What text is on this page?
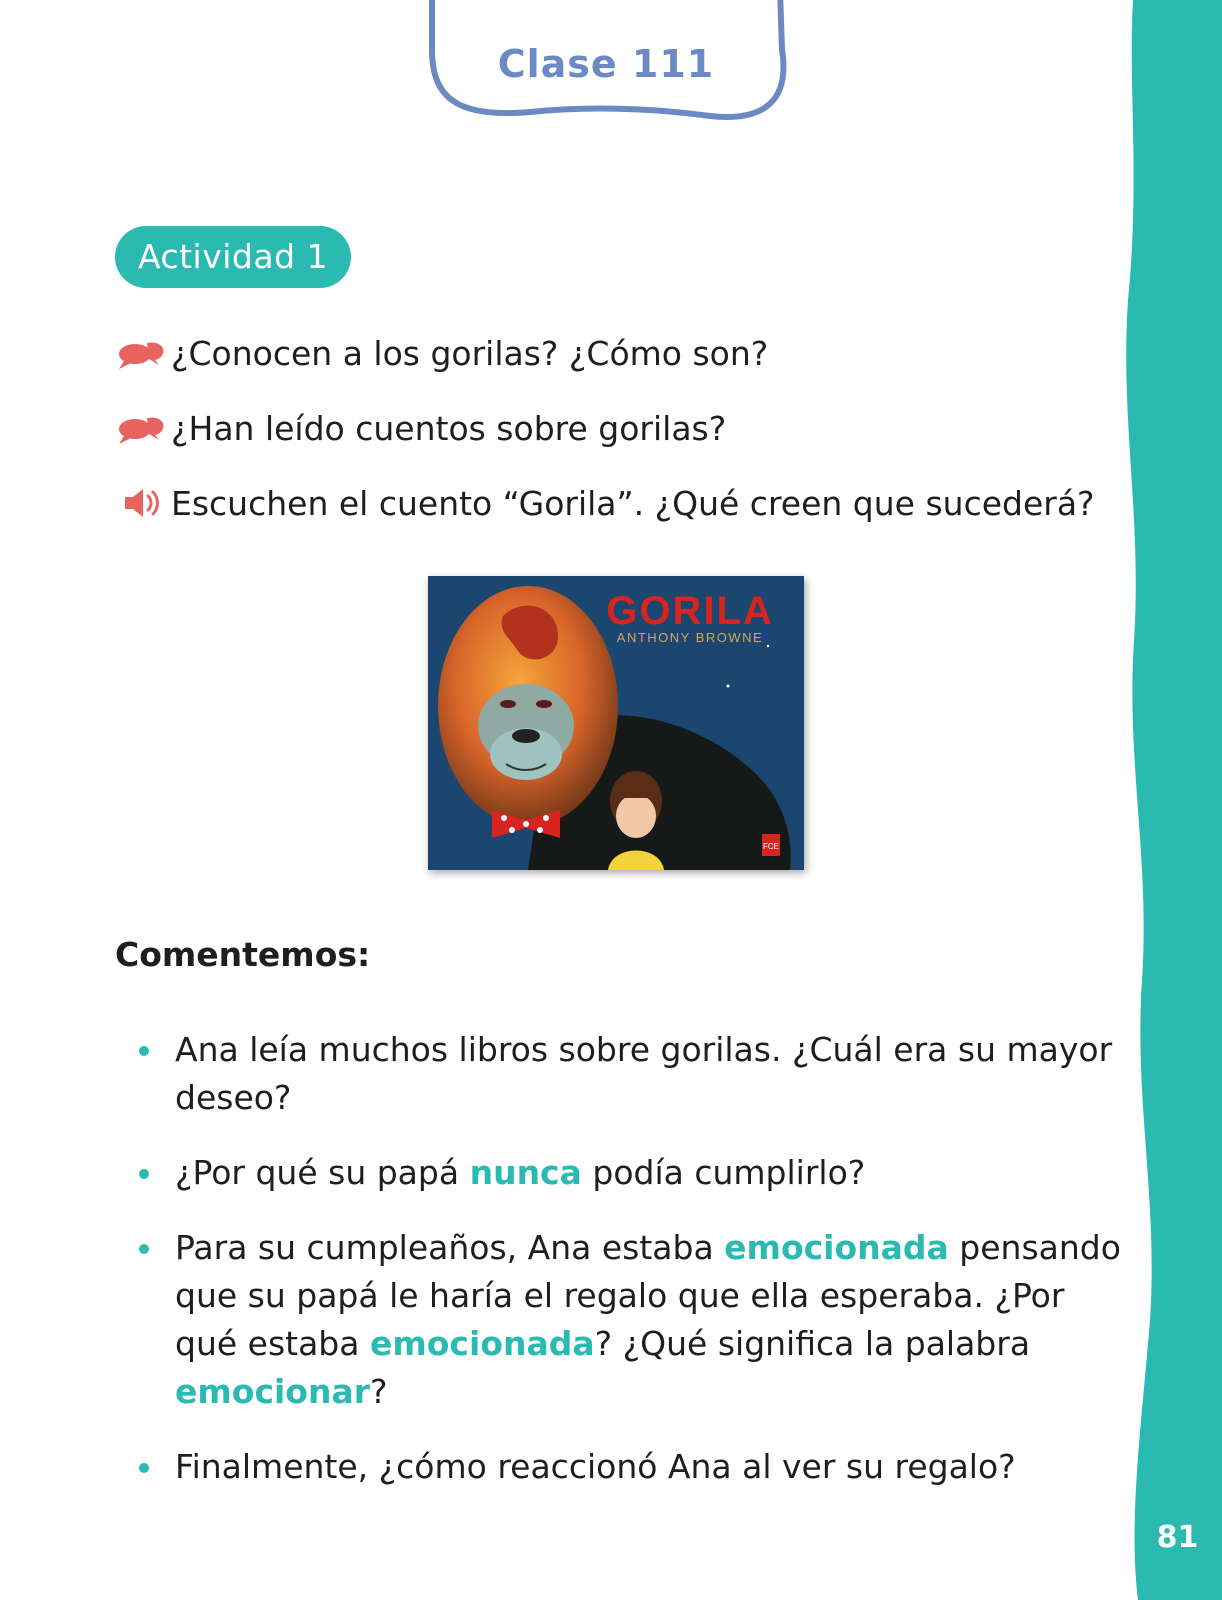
Clase 111
Actividad 1
¿Conocen a los gorilas? ¿Cómo son?
¿Han leído cuentos sobre gorilas?
Escuchen el cuento “Gorila”. ¿Qué creen que sucederá?
GORILA
ANTHONY BROWNE
FCE
Comentemos:
Ana leía muchos libros sobre gorilas. ¿Cuál era su mayor deseo?
¿Por qué su papá nunca podía cumplirlo?
Para su cumpleaños, Ana estaba emocionada pensando que su papá le haría el regalo que ella esperaba. ¿Por qué estaba emocionada? ¿Qué significa la palabra emocionar?
Finalmente, ¿cómo reaccionó Ana al ver su regalo?
81
